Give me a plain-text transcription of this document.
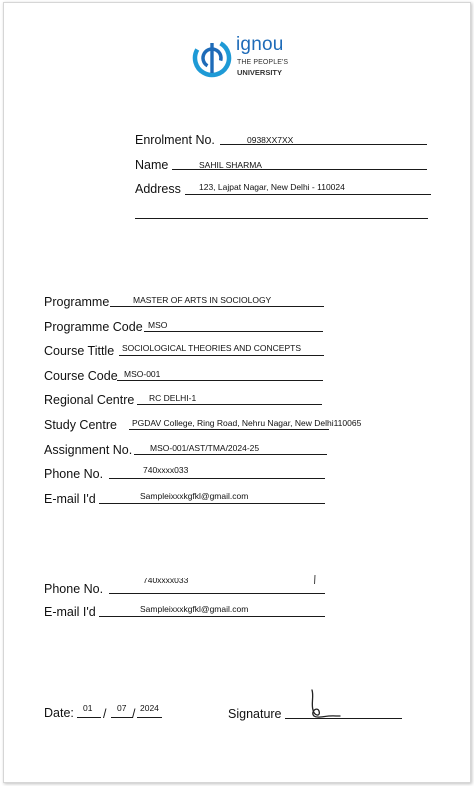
ignou
THE PEOPLE'S
UNIVERSITY
Enrolment No.	0938XX7XX
Name	SAHIL SHARMA
Address 123, Lajpat Nagar, New Delhi - 110024
Programme	MASTER OF ARTS IN SOCIOLOGY
Programme Code MSO
Course Tittle SOCIOLOGICAL THEORIES AND CONCEPTS
Course Code MSO-001
Regional Centre RC DELHI-1
Study Centre PGDAV College, Ring Road, Nehru Nagar, New Delhi110065
Assignment No. MSO-001/AST/TMA/2024-25
Phone No.	740xxxx033
E-mail I'd	Sampleixxxkgfkl@gmail.com
Phone No.
740xxxx033
E-mail I'd	Sampleixxxkgfkl@gmail.com
Date: 01 / 07 / 2024	Signature
